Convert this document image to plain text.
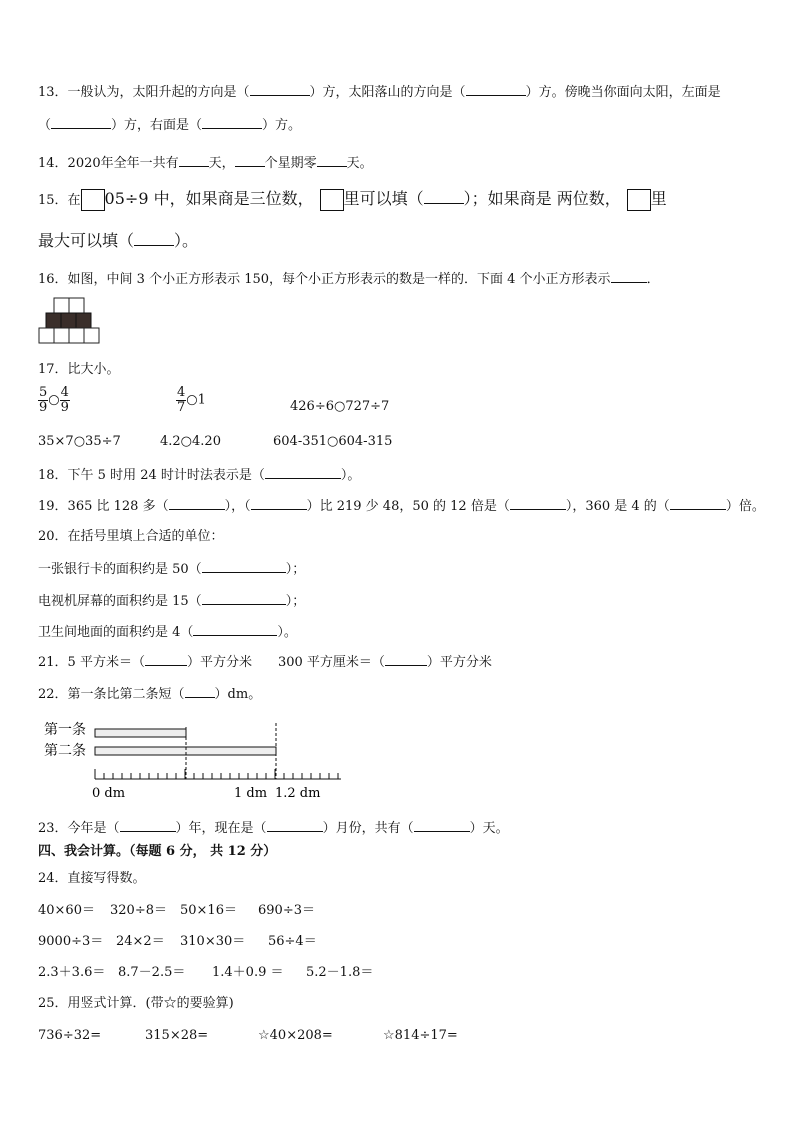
13．一般认为，太阳升起的方向是（	）方，太阳落山的方向是（	）方。傍晚当你面向太阳，左面是
（	）方，右面是（	）方。
14．2020年全年一共有 天， 个星期零 天。
15．在 05÷9 中，如果商是三位数， 里可以填（	）；如果商是 两位数， 里
最大可以填（	）。
16．如图，中间 3 个小正方形表示 150，每个小正方形表示的数是一样的．下面 4 个小正方形表示	．
17．比大小。
$\frac{5}{9}$ ○ $\frac{4}{9}$	$\frac{4}{7}$ ○1	426÷6○727÷7
35×7○35÷7	4.2○4.20	604-351○604-315
18．下午 5 时用 24 时计时法表示是（	）。
19．365 比 128 多（	），（	）比 219 少 48，50 的 12 倍是（	），360 是 4 的（	）倍。
20．在括号里填上合适的单位：
一张银行卡的面积约是 50（	）；
电视机屏幕的面积约是 15（	）；
卫生间地面的面积约是 4（	）。
21．5 平方米＝（	）平方分米 300 平方厘米＝（	）平方分米
22．第一条比第二条短（ ）dm。
第一条
第二条
0 dm	1 dm 1.2 dm
23．今年是（	）年，现在是（	）月份，共有（	）天。
四、我会计算。（每题 6 分， 共 12 分）
24．直接写得数。
40×60＝ 320÷8＝ 50×16＝ 690÷3＝
9000÷3＝ 24×2＝ 310×30＝ 56÷4＝
2.3＋3.6＝ 8.7－2.5＝ 1.4＋0.9 ＝ 5.2－1.8＝
25．用竖式计算．(带☆的要验算)
736÷32=	315×28=	☆40×208=	☆814÷17=
